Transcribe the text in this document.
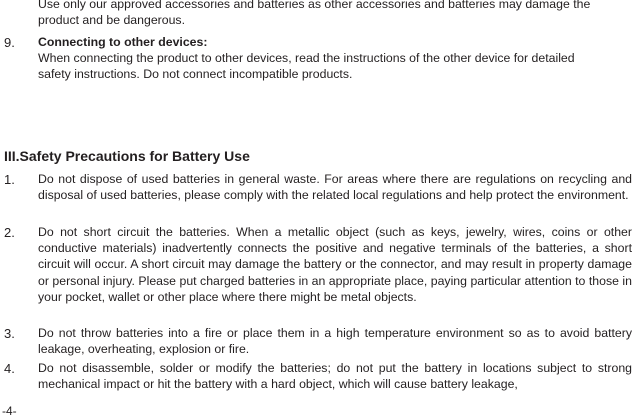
Use only our approved accessories and batteries as other accessories and batteries may damage the product and be dangerous.
9. Connecting to other devices:
When connecting the product to other devices, read the instructions of the other device for detailed safety instructions. Do not connect incompatible products.
III.Safety Precautions for Battery Use
1. Do not dispose of used batteries in general waste. For areas where there are regulations on recycling and disposal of used batteries, please comply with the related local regulations and help protect the environment.
2. Do not short circuit the batteries. When a metallic object (such as keys, jewelry, wires, coins or other conductive materials) inadvertently connects the positive and negative terminals of the batteries, a short circuit will occur. A short circuit may damage the battery or the connector, and may result in property damage or personal injury. Please put charged batteries in an appropriate place, paying particular attention to those in your pocket, wallet or other place where there might be metal objects.
3. Do not throw batteries into a fire or place them in a high temperature environment so as to avoid battery leakage, overheating, explosion or fire.
4. Do not disassemble, solder or modify the batteries; do not put the battery in locations subject to strong mechanical impact or hit the battery with a hard object, which will cause battery leakage,
-4-
